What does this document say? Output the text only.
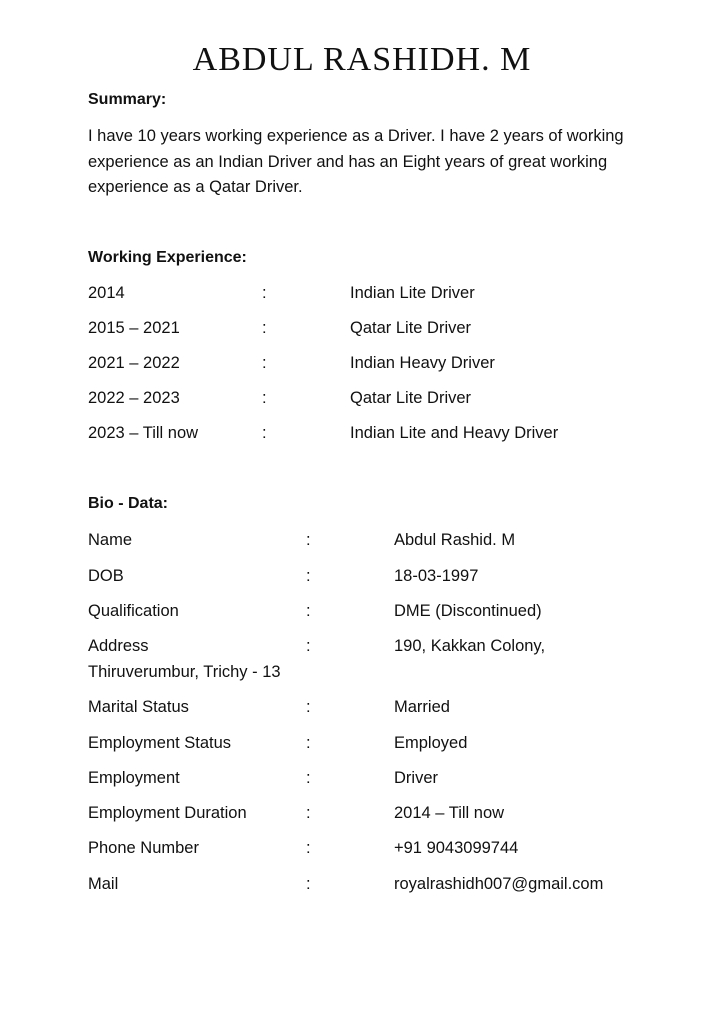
ABDUL RASHIDH. M
Summary:
I have 10 years working experience as a Driver. I have 2 years of working experience as an Indian Driver and has an Eight years of great working experience as a Qatar Driver.
Working Experience:
2014	:	Indian Lite Driver
2015 – 2021	:	Qatar Lite Driver
2021 – 2022	:	Indian Heavy Driver
2022 – 2023	:	Qatar Lite Driver
2023 – Till now	:	Indian Lite and Heavy Driver
Bio - Data:
Name	:	Abdul Rashid. M
DOB	:	18-03-1997
Qualification	:	DME (Discontinued)
Address	:	190, Kakkan Colony,
Thiruverumbur, Trichy - 13
Marital Status	:	Married
Employment Status	:	Employed
Employment	:	Driver
Employment Duration	:	2014 – Till now
Phone Number	:	+91 9043099744
Mail	:	royalrashidh007@gmail.com
